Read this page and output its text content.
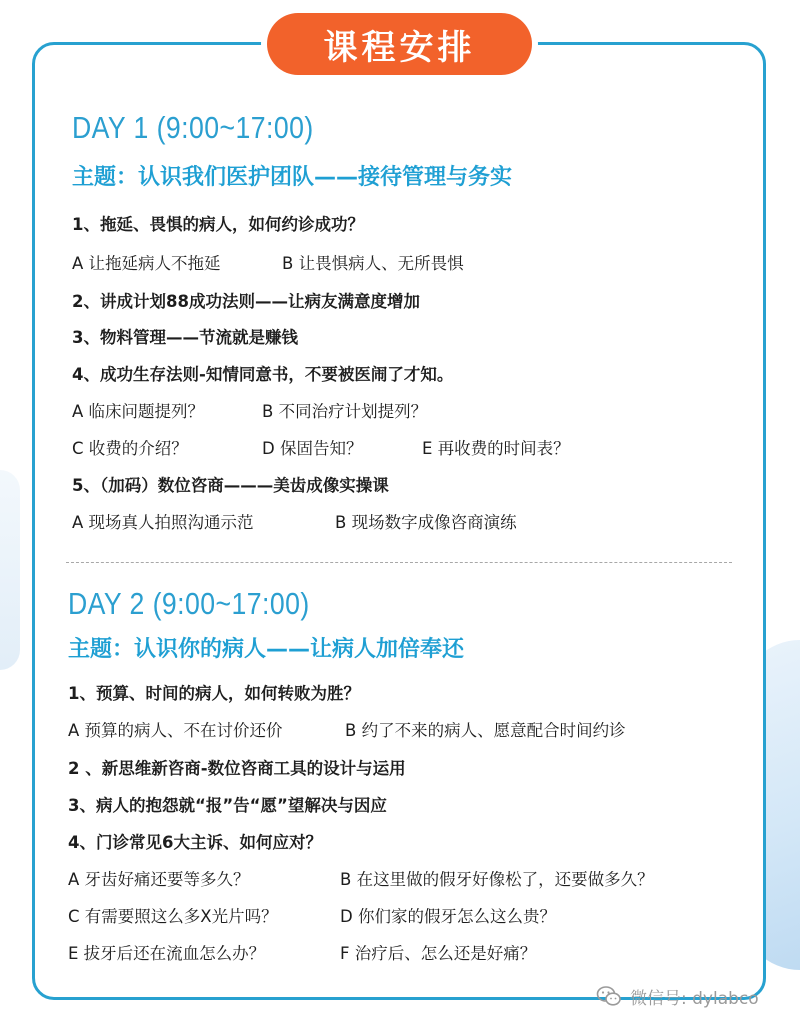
课程安排
DAY 1 (9:00~17:00)
主题：认识我们医护团队——接待管理与务实
1、拖延、畏惧的病人，如何约诊成功？
A 让拖延病人不拖延	B 让畏惧病人、无所畏惧
2、讲成计划88成功法则——让病友满意度增加
3、物料管理——节流就是赚钱
4、成功生存法则-知情同意书，不要被医闹了才知。
A 临床问题提列？	B 不同治疗计划提列？
C 收费的介绍？	D 保固告知？	E 再收费的时间表？
5、（加码）数位咨商———美齿成像实操课
A 现场真人拍照沟通示范	B 现场数字成像咨商演练
DAY 2 (9:00~17:00)
主题：认识你的病人——让病人加倍奉还
1、预算、时间的病人，如何转败为胜？
A 预算的病人、不在讨价还价	B 约了不来的病人、愿意配合时间约诊
2 、新思维新咨商-数位咨商工具的设计与运用
3、病人的抱怨就“报”告“愿”望解决与因应
4、门诊常见6大主诉、如何应对？
A 牙齿好痛还要等多久？	B 在这里做的假牙好像松了，还要做多久？
C 有需要照这么多X光片吗？	D 你们家的假牙怎么这么贵？
E 拔牙后还在流血怎么办？	F 治疗后、怎么还是好痛？
微信号: dylabco
